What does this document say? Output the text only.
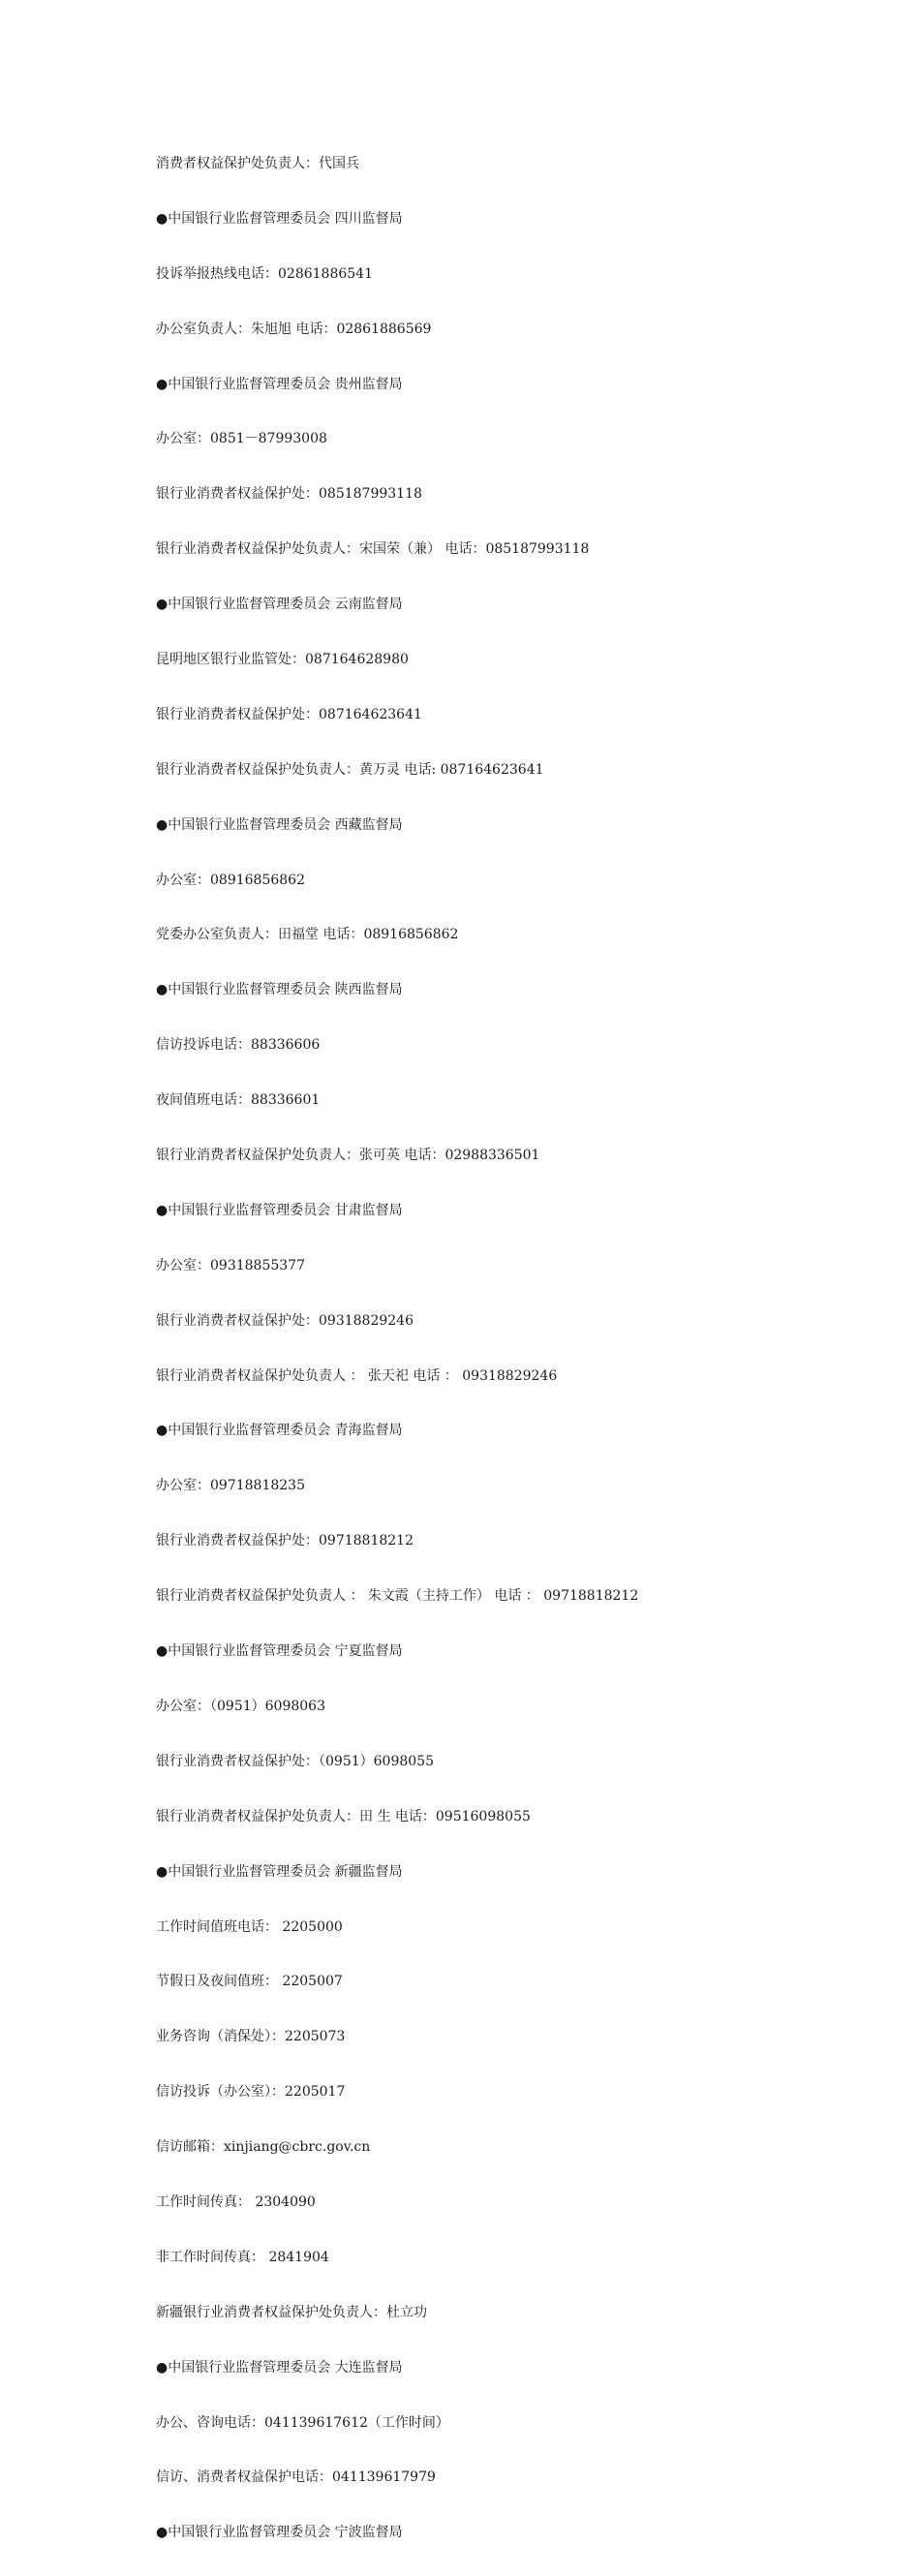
消费者权益保护处负责人：代国兵

●中国银行业监督管理委员会 四川监督局

投诉举报热线电话：02861886541

办公室负责人：朱旭旭 电话：02861886569

●中国银行业监督管理委员会 贵州监督局

办公室：0851－87993008

银行业消费者权益保护处：085187993118

银行业消费者权益保护处负责人：宋国荣（兼） 电话：085187993118

●中国银行业监督管理委员会 云南监督局

昆明地区银行业监管处：087164628980

银行业消费者权益保护处：087164623641

银行业消费者权益保护处负责人：黄万灵 电话: 087164623641

●中国银行业监督管理委员会 西藏监督局

办公室：08916856862

党委办公室负责人：田福堂 电话：08916856862

●中国银行业监督管理委员会 陕西监督局

信访投诉电话：88336606

夜间值班电话：88336601

银行业消费者权益保护处负责人：张可英 电话：02988336501

●中国银行业监督管理委员会 甘肃监督局

办公室：09318855377

银行业消费者权益保护处：09318829246

银行业消费者权益保护处负责人 ： 张天祀 电话 ： 09318829246

●中国银行业监督管理委员会 青海监督局

办公室：09718818235

银行业消费者权益保护处：09718818212

银行业消费者权益保护处负责人 ： 朱文霞（主持工作） 电话 ： 09718818212

●中国银行业监督管理委员会 宁夏监督局

办公室：（0951）6098063

银行业消费者权益保护处：（0951）6098055

银行业消费者权益保护处负责人：田 生 电话：09516098055

●中国银行业监督管理委员会 新疆监督局

工作时间值班电话： 2205000

节假日及夜间值班： 2205007

业务咨询（消保处）：2205073

信访投诉（办公室）：2205017

信访邮箱：xinjiang@cbrc.gov.cn

工作时间传真： 2304090

非工作时间传真： 2841904

新疆银行业消费者权益保护处负责人：杜立功

●中国银行业监督管理委员会 大连监督局

办公、咨询电话：041139617612（工作时间）

信访、消费者权益保护电话：041139617979

●中国银行业监督管理委员会 宁波监督局
